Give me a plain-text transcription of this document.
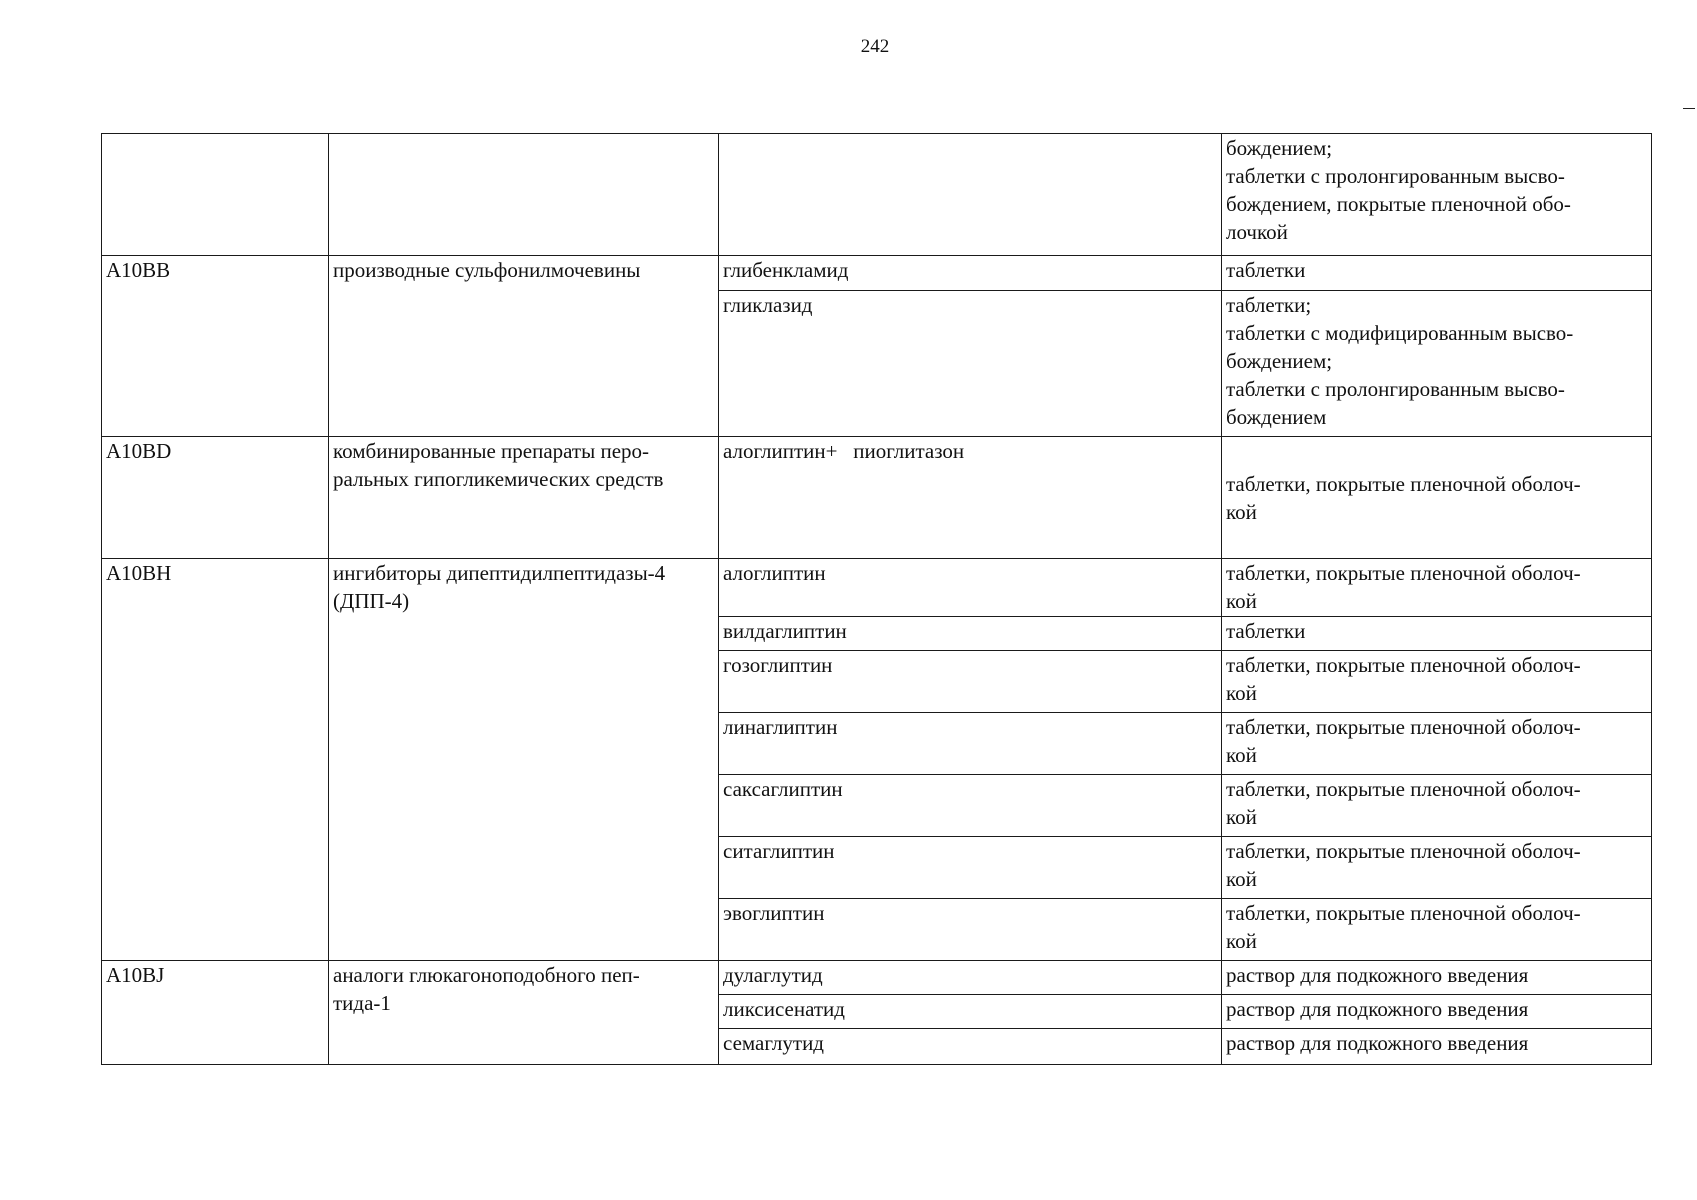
242

			бождением;
таблетки с пролонгированным высво-
бождением, покрытые пленочной обо-
лочкой

A10BB	производные сульфонилмочевины	глибенкламид	таблетки

		гликлазид	таблетки;
таблетки с модифицированным высво-
бождением;
таблетки с пролонгированным высво-
бождением

A10BD	комбинированные препараты перо-
ральных гипогликемических средств	алоглиптин+   пиоглитазон	таблетки, покрытые пленочной оболоч-
кой

A10BH	ингибиторы дипептидилпептидазы-4
(ДПП-4)	алоглиптин	таблетки, покрытые пленочной оболоч-
кой

		вилдаглиптин	таблетки

		гозоглиптин	таблетки, покрытые пленочной оболоч-
кой

		линаглиптин	таблетки, покрытые пленочной оболоч-
кой

		саксаглиптин	таблетки, покрытые пленочной оболоч-
кой

		ситаглиптин	таблетки, покрытые пленочной оболоч-
кой

		эвоглиптин	таблетки, покрытые пленочной оболоч-
кой

A10BJ	аналоги глюкагоноподобного пеп-
тида-1	дулаглутид	раствор для подкожного введения

		ликсисенатид	раствор для подкожного введения

		семаглутид	раствор для подкожного введения
